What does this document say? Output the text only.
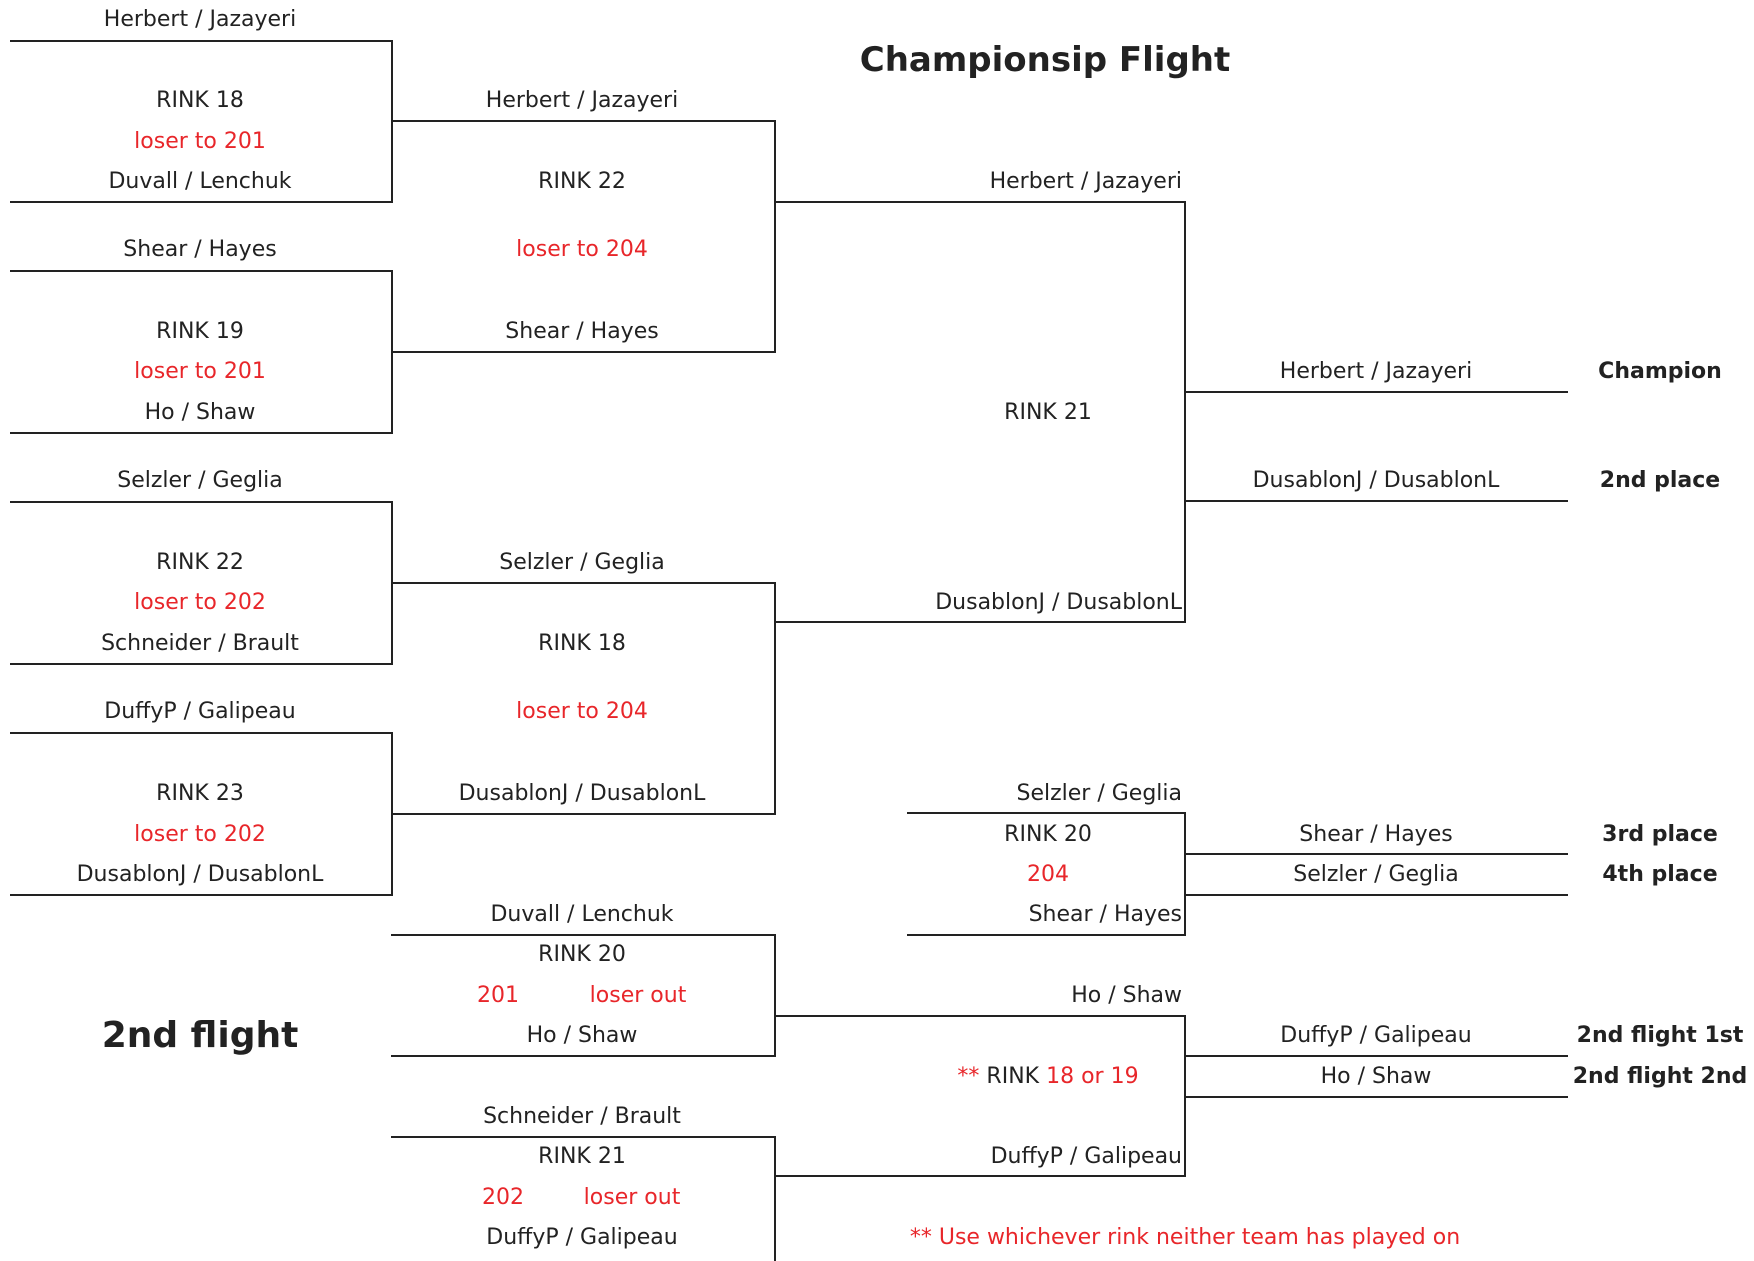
Championsip Flight
2nd flight
Herbert / Jazayeri
RINK 18
loser to 201
Duvall / Lenchuk
Shear / Hayes
RINK 19
loser to 201
Ho / Shaw
Selzler / Geglia
RINK 22
loser to 202
Schneider / Brault
DuffyP / Galipeau
RINK 23
loser to 202
DusablonJ / DusablonL
Herbert / Jazayeri
RINK 22
loser to 204
Shear / Hayes
Selzler / Geglia
RINK 18
loser to 204
DusablonJ / DusablonL
Herbert / Jazayeri
RINK 21
DusablonJ / DusablonL
Herbert / Jazayeri	Champion
DusablonJ / DusablonL	2nd place
Selzler / Geglia
RINK 20
204
Shear / Hayes
Shear / Hayes	3rd place
Selzler / Geglia	4th place
Duvall / Lenchuk
RINK 20
201	loser out
Ho / Shaw
Schneider / Brault
RINK 21
202	loser out
DuffyP / Galipeau
Ho / Shaw
** RINK 18 or 19
DuffyP / Galipeau
DuffyP / Galipeau	2nd flight 1st
Ho / Shaw	2nd flight 2nd
** Use whichever rink neither team has played on
